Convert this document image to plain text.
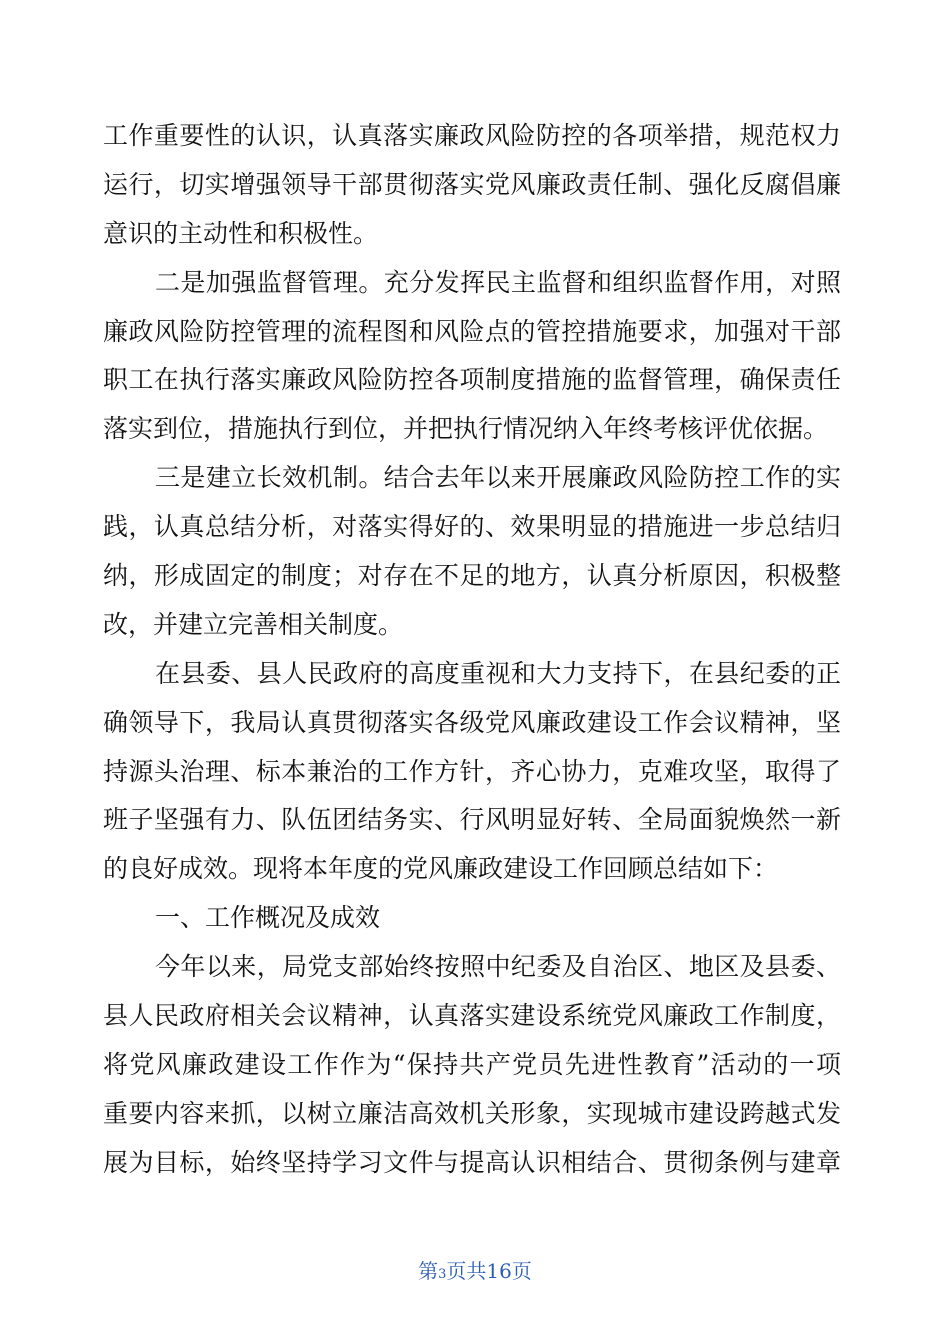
工作重要性的认识，认真落实廉政风险防控的各项举措，规范权力
运行，切实增强领导干部贯彻落实党风廉政责任制、强化反腐倡廉
意识的主动性和积极性。
二是加强监督管理。充分发挥民主监督和组织监督作用，对照
廉政风险防控管理的流程图和风险点的管控措施要求，加强对干部
职工在执行落实廉政风险防控各项制度措施的监督管理，确保责任
落实到位，措施执行到位，并把执行情况纳入年终考核评优依据。
三是建立长效机制。结合去年以来开展廉政风险防控工作的实
践，认真总结分析，对落实得好的、效果明显的措施进一步总结归
纳，形成固定的制度；对存在不足的地方，认真分析原因，积极整
改，并建立完善相关制度。
在县委、县人民政府的高度重视和大力支持下，在县纪委的正
确领导下，我局认真贯彻落实各级党风廉政建设工作会议精神，坚
持源头治理、标本兼治的工作方针，齐心协力，克难攻坚，取得了
班子坚强有力、队伍团结务实、行风明显好转、全局面貌焕然一新
的良好成效。现将本年度的党风廉政建设工作回顾总结如下：
一、工作概况及成效
今年以来，局党支部始终按照中纪委及自治区、地区及县委、
县人民政府相关会议精神，认真落实建设系统党风廉政工作制度，
将党风廉政建设工作作为“保持共产党员先进性教育”活动的一项
重要内容来抓，以树立廉洁高效机关形象，实现城市建设跨越式发
展为目标，始终坚持学习文件与提高认识相结合、贯彻条例与建章
第3页共16页
